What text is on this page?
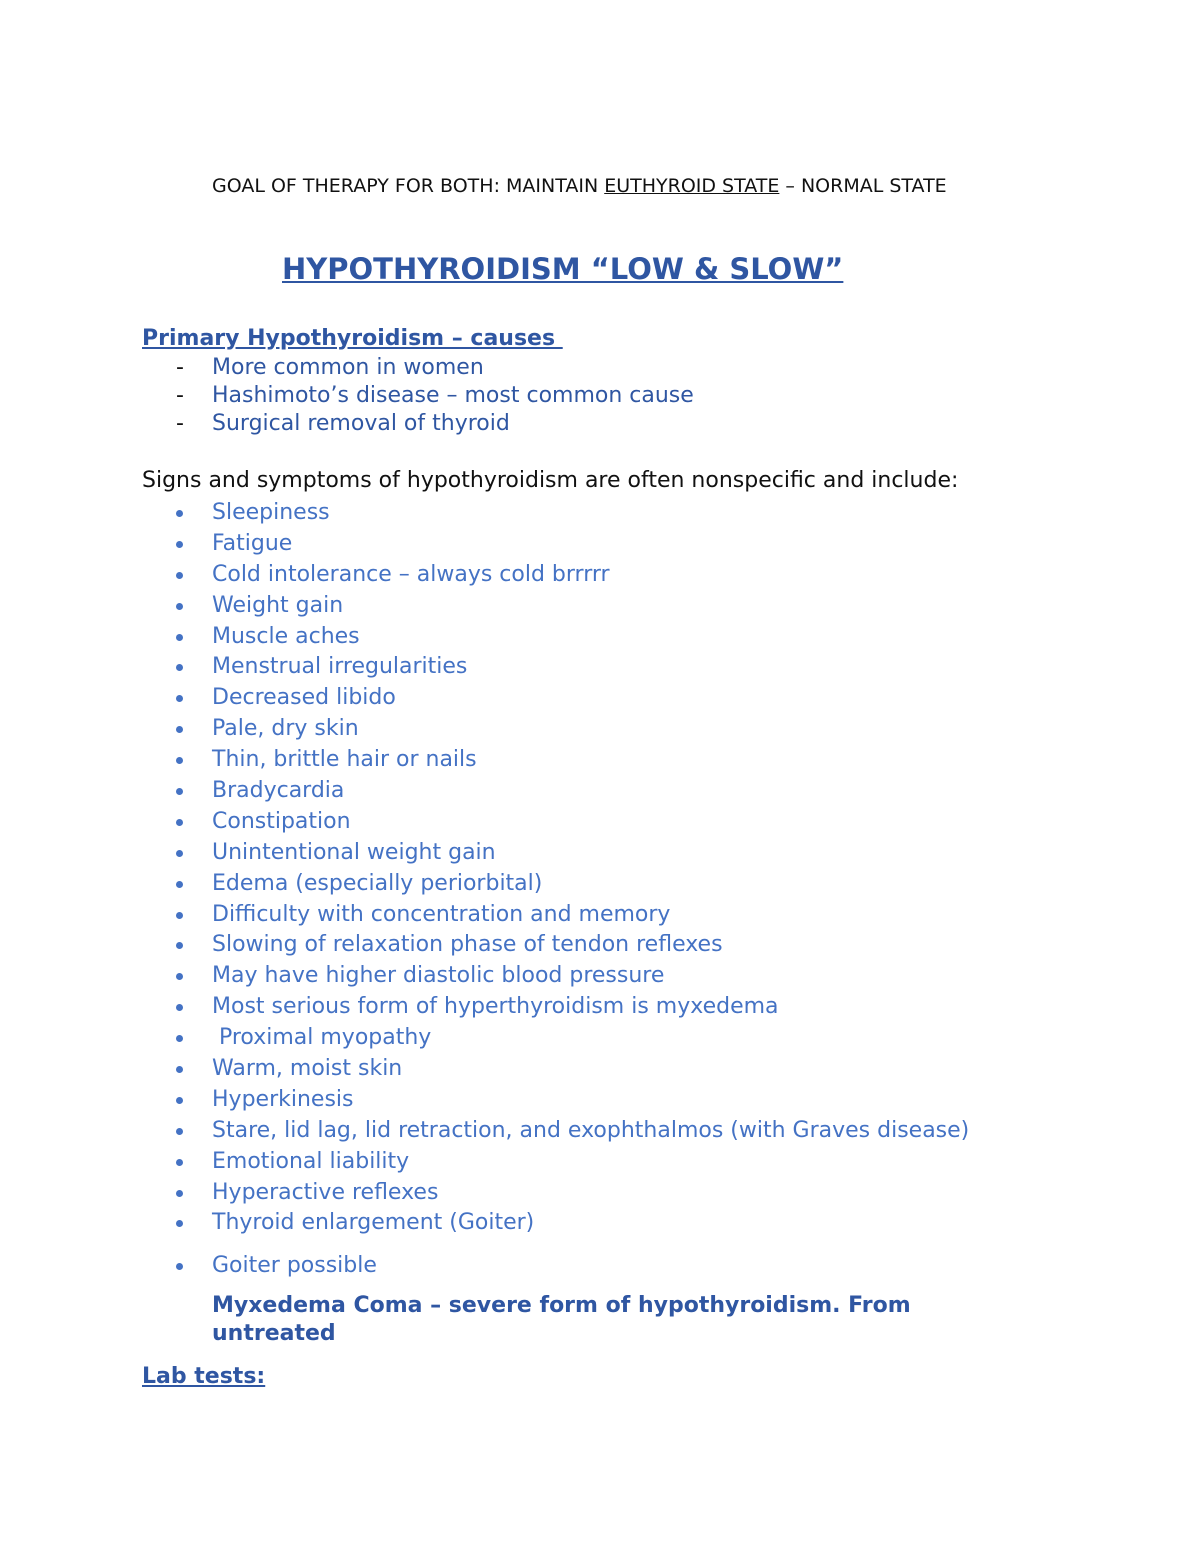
GOAL OF THERAPY FOR BOTH: MAINTAIN EUTHYROID STATE – NORMAL STATE
HYPOTHYROIDISM “LOW & SLOW”
Primary Hypothyroidism – causes
- More common in women
- Hashimoto’s disease – most common cause
- Surgical removal of thyroid
Signs and symptoms of hypothyroidism are often nonspecific and include:
Sleepiness
Fatigue
Cold intolerance – always cold brrrrr
Weight gain
Muscle aches
Menstrual irregularities
Decreased libido
Pale, dry skin
Thin, brittle hair or nails
Bradycardia
Constipation
Unintentional weight gain
Edema (especially periorbital)
Difficulty with concentration and memory
Slowing of relaxation phase of tendon reflexes
May have higher diastolic blood pressure
Most serious form of hyperthyroidism is myxedema
Proximal myopathy
Warm, moist skin
Hyperkinesis
Stare, lid lag, lid retraction, and exophthalmos (with Graves disease)
Emotional liability
Hyperactive reflexes
Thyroid enlargement (Goiter)
Goiter possible
Myxedema Coma – severe form of hypothyroidism. From untreated
Lab tests:
